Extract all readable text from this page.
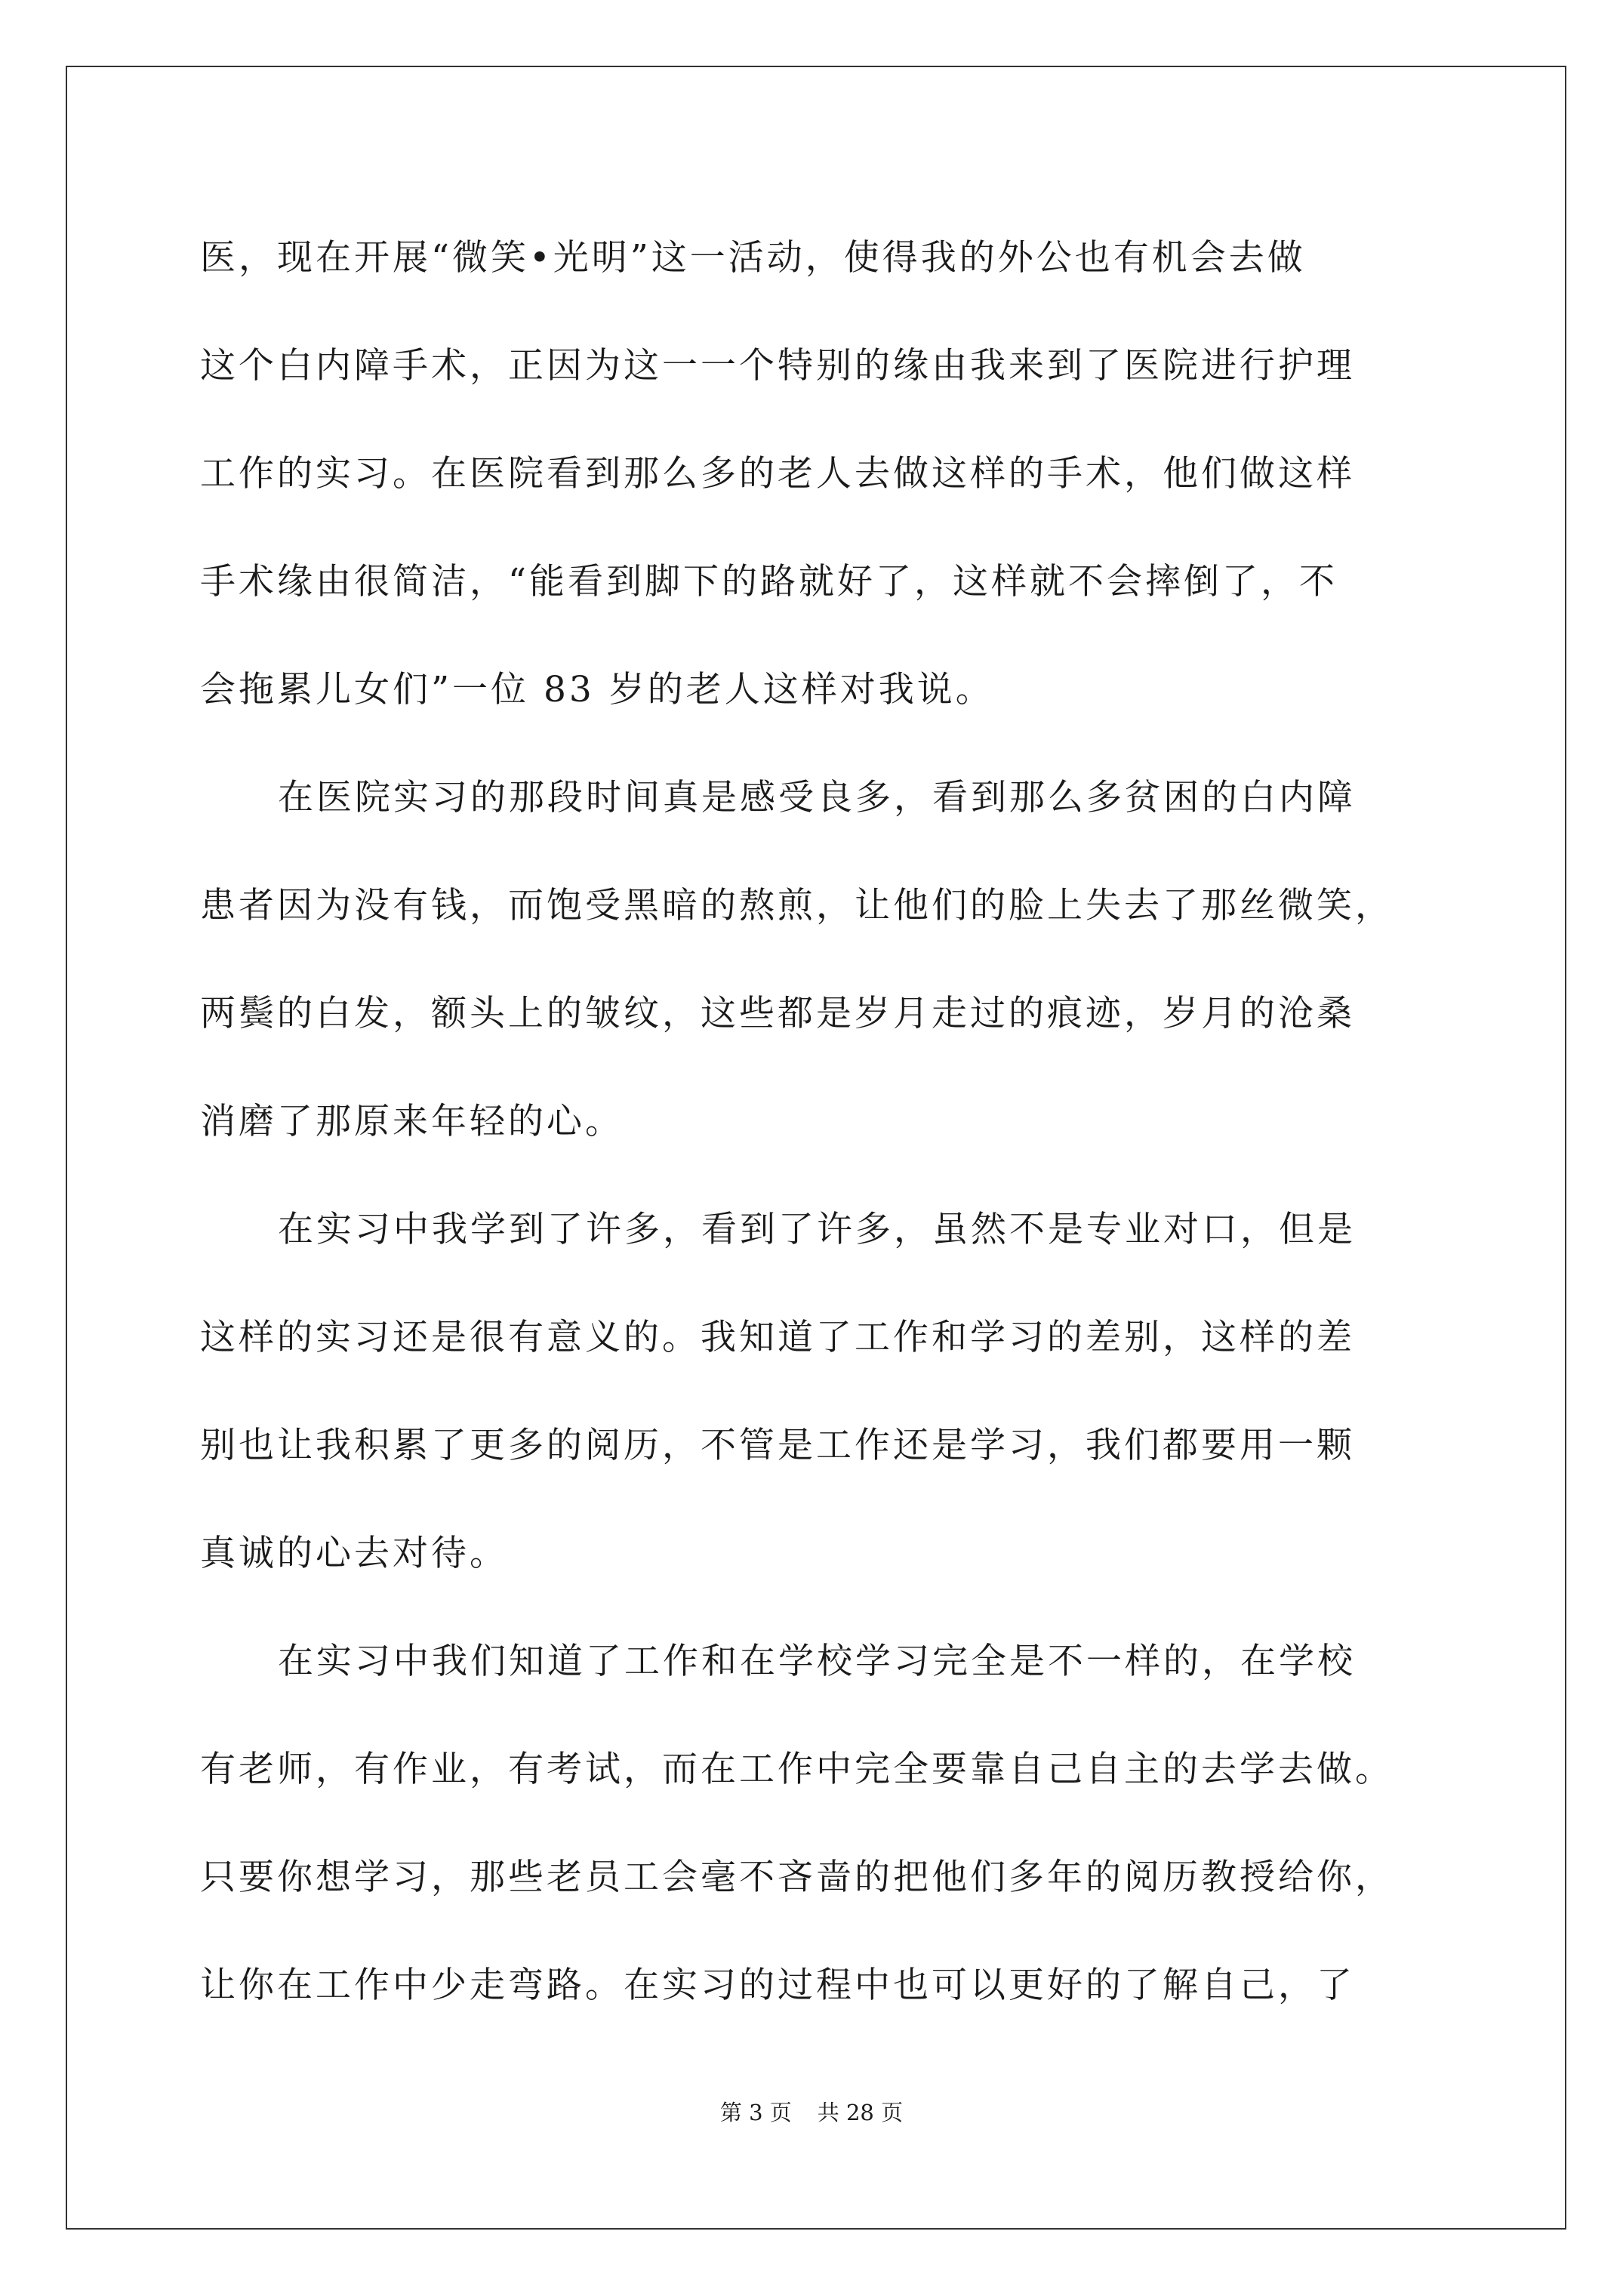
医，现在开展“微笑•光明”这一活动，使得我的外公也有机会去做
这个白内障手术，正因为这一一个特别的缘由我来到了医院进行护理
工作的实习。在医院看到那么多的老人去做这样的手术，他们做这样
手术缘由很简洁，“能看到脚下的路就好了，这样就不会摔倒了，不
会拖累儿女们”一位 83 岁的老人这样对我说。
在医院实习的那段时间真是感受良多，看到那么多贫困的白内障
患者因为没有钱，而饱受黑暗的熬煎，让他们的脸上失去了那丝微笑，
两鬓的白发，额头上的皱纹，这些都是岁月走过的痕迹，岁月的沧桑
消磨了那原来年轻的心。
在实习中我学到了许多，看到了许多，虽然不是专业对口，但是
这样的实习还是很有意义的。我知道了工作和学习的差别，这样的差
别也让我积累了更多的阅历，不管是工作还是学习，我们都要用一颗
真诚的心去对待。
在实习中我们知道了工作和在学校学习完全是不一样的，在学校
有老师，有作业，有考试，而在工作中完全要靠自己自主的去学去做。
只要你想学习，那些老员工会毫不吝啬的把他们多年的阅历教授给你，
让你在工作中少走弯路。在实习的过程中也可以更好的了解自己，了
第 3 页 共 28 页
